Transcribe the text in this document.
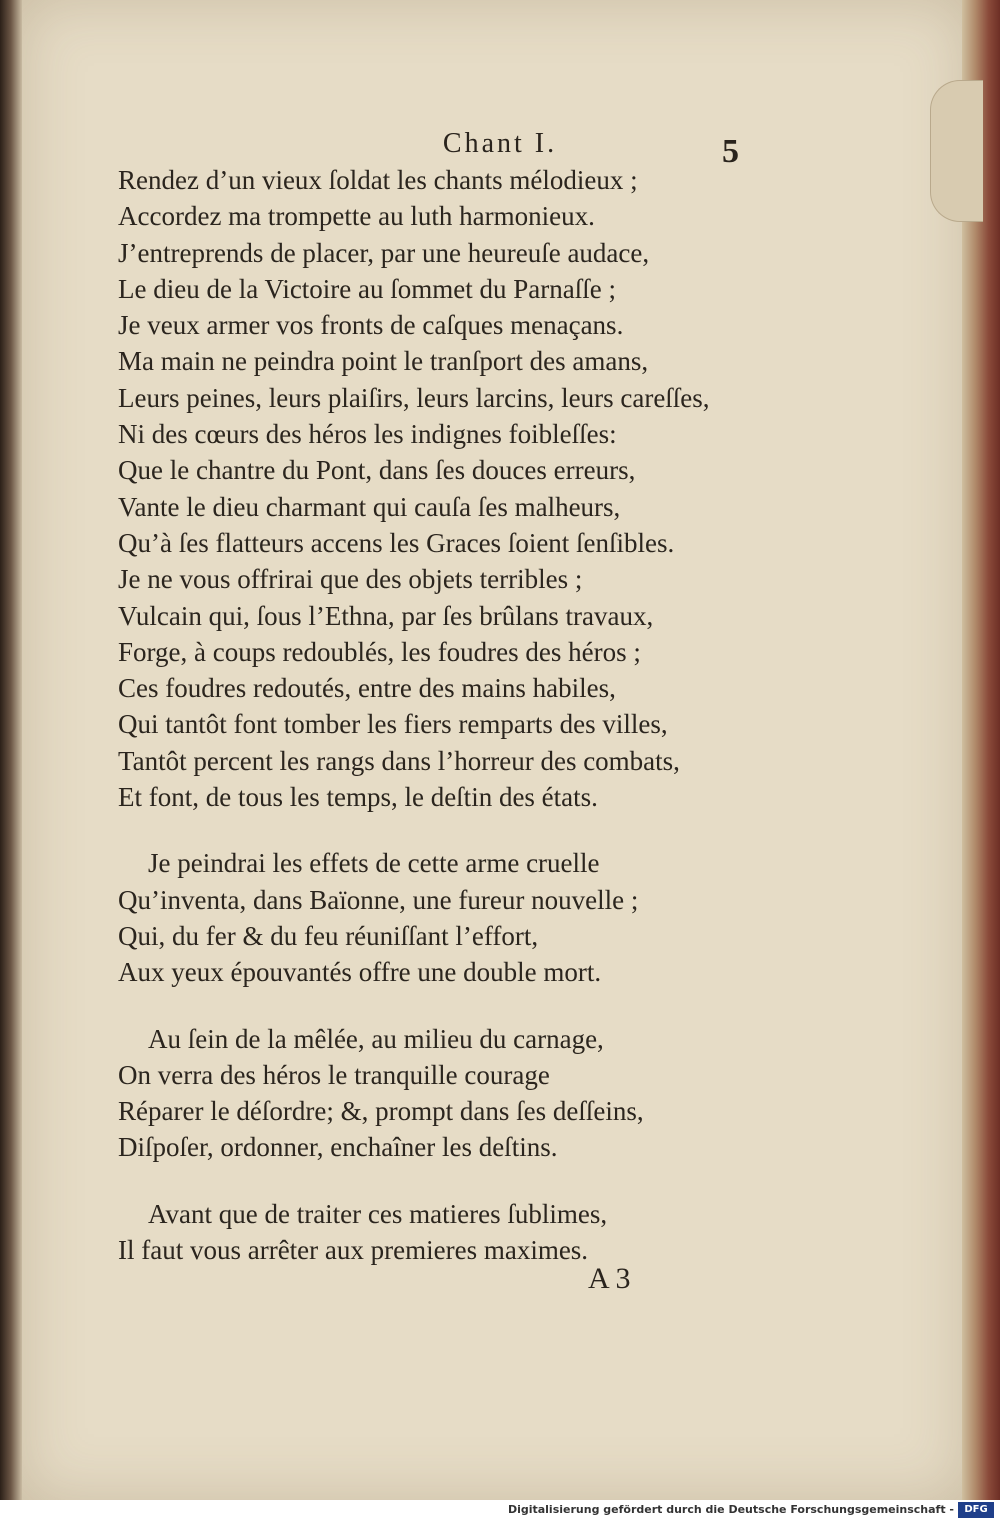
Chant I.	5
Rendez d’un vieux ſoldat les chants mélodieux ;
Accordez ma trompette au luth harmonieux.
J’entreprends de placer, par une heureuſe audace,
Le dieu de la Victoire au ſommet du Parnaſſe ;
Je veux armer vos fronts de caſques menaçans.
Ma main ne peindra point le tranſport des amans,
Leurs peines, leurs plaiſirs, leurs larcins, leurs careſſes,
Ni des cœurs des héros les indignes foibleſſes:
Que le chantre du Pont, dans ſes douces erreurs,
Vante le dieu charmant qui cauſa ſes malheurs,
Qu’à ſes flatteurs accens les Graces ſoient ſenſibles.
Je ne vous offrirai que des objets terribles ;
Vulcain qui, ſous l’Ethna, par ſes brûlans travaux,
Forge, à coups redoublés, les foudres des héros ;
Ces foudres redoutés, entre des mains habiles,
Qui tantôt font tomber les fiers remparts des villes,
Tantôt percent les rangs dans l’horreur des combats,
Et font, de tous les temps, le deſtin des états.
Je peindrai les effets de cette arme cruelle
Qu’inventa, dans Baïonne, une fureur nouvelle ;
Qui, du fer & du feu réuniſſant l’effort,
Aux yeux épouvantés offre une double mort.
Au ſein de la mêlée, au milieu du carnage,
On verra des héros le tranquille courage
Réparer le déſordre; &, prompt dans ſes deſſeins,
Diſpoſer, ordonner, enchaîner les deſtins.
Avant que de traiter ces matieres ſublimes,
Il faut vous arrêter aux premieres maximes.
A 3
Digitalisierung gefördert durch die Deutsche Forschungsgemeinschaft -	DFG
